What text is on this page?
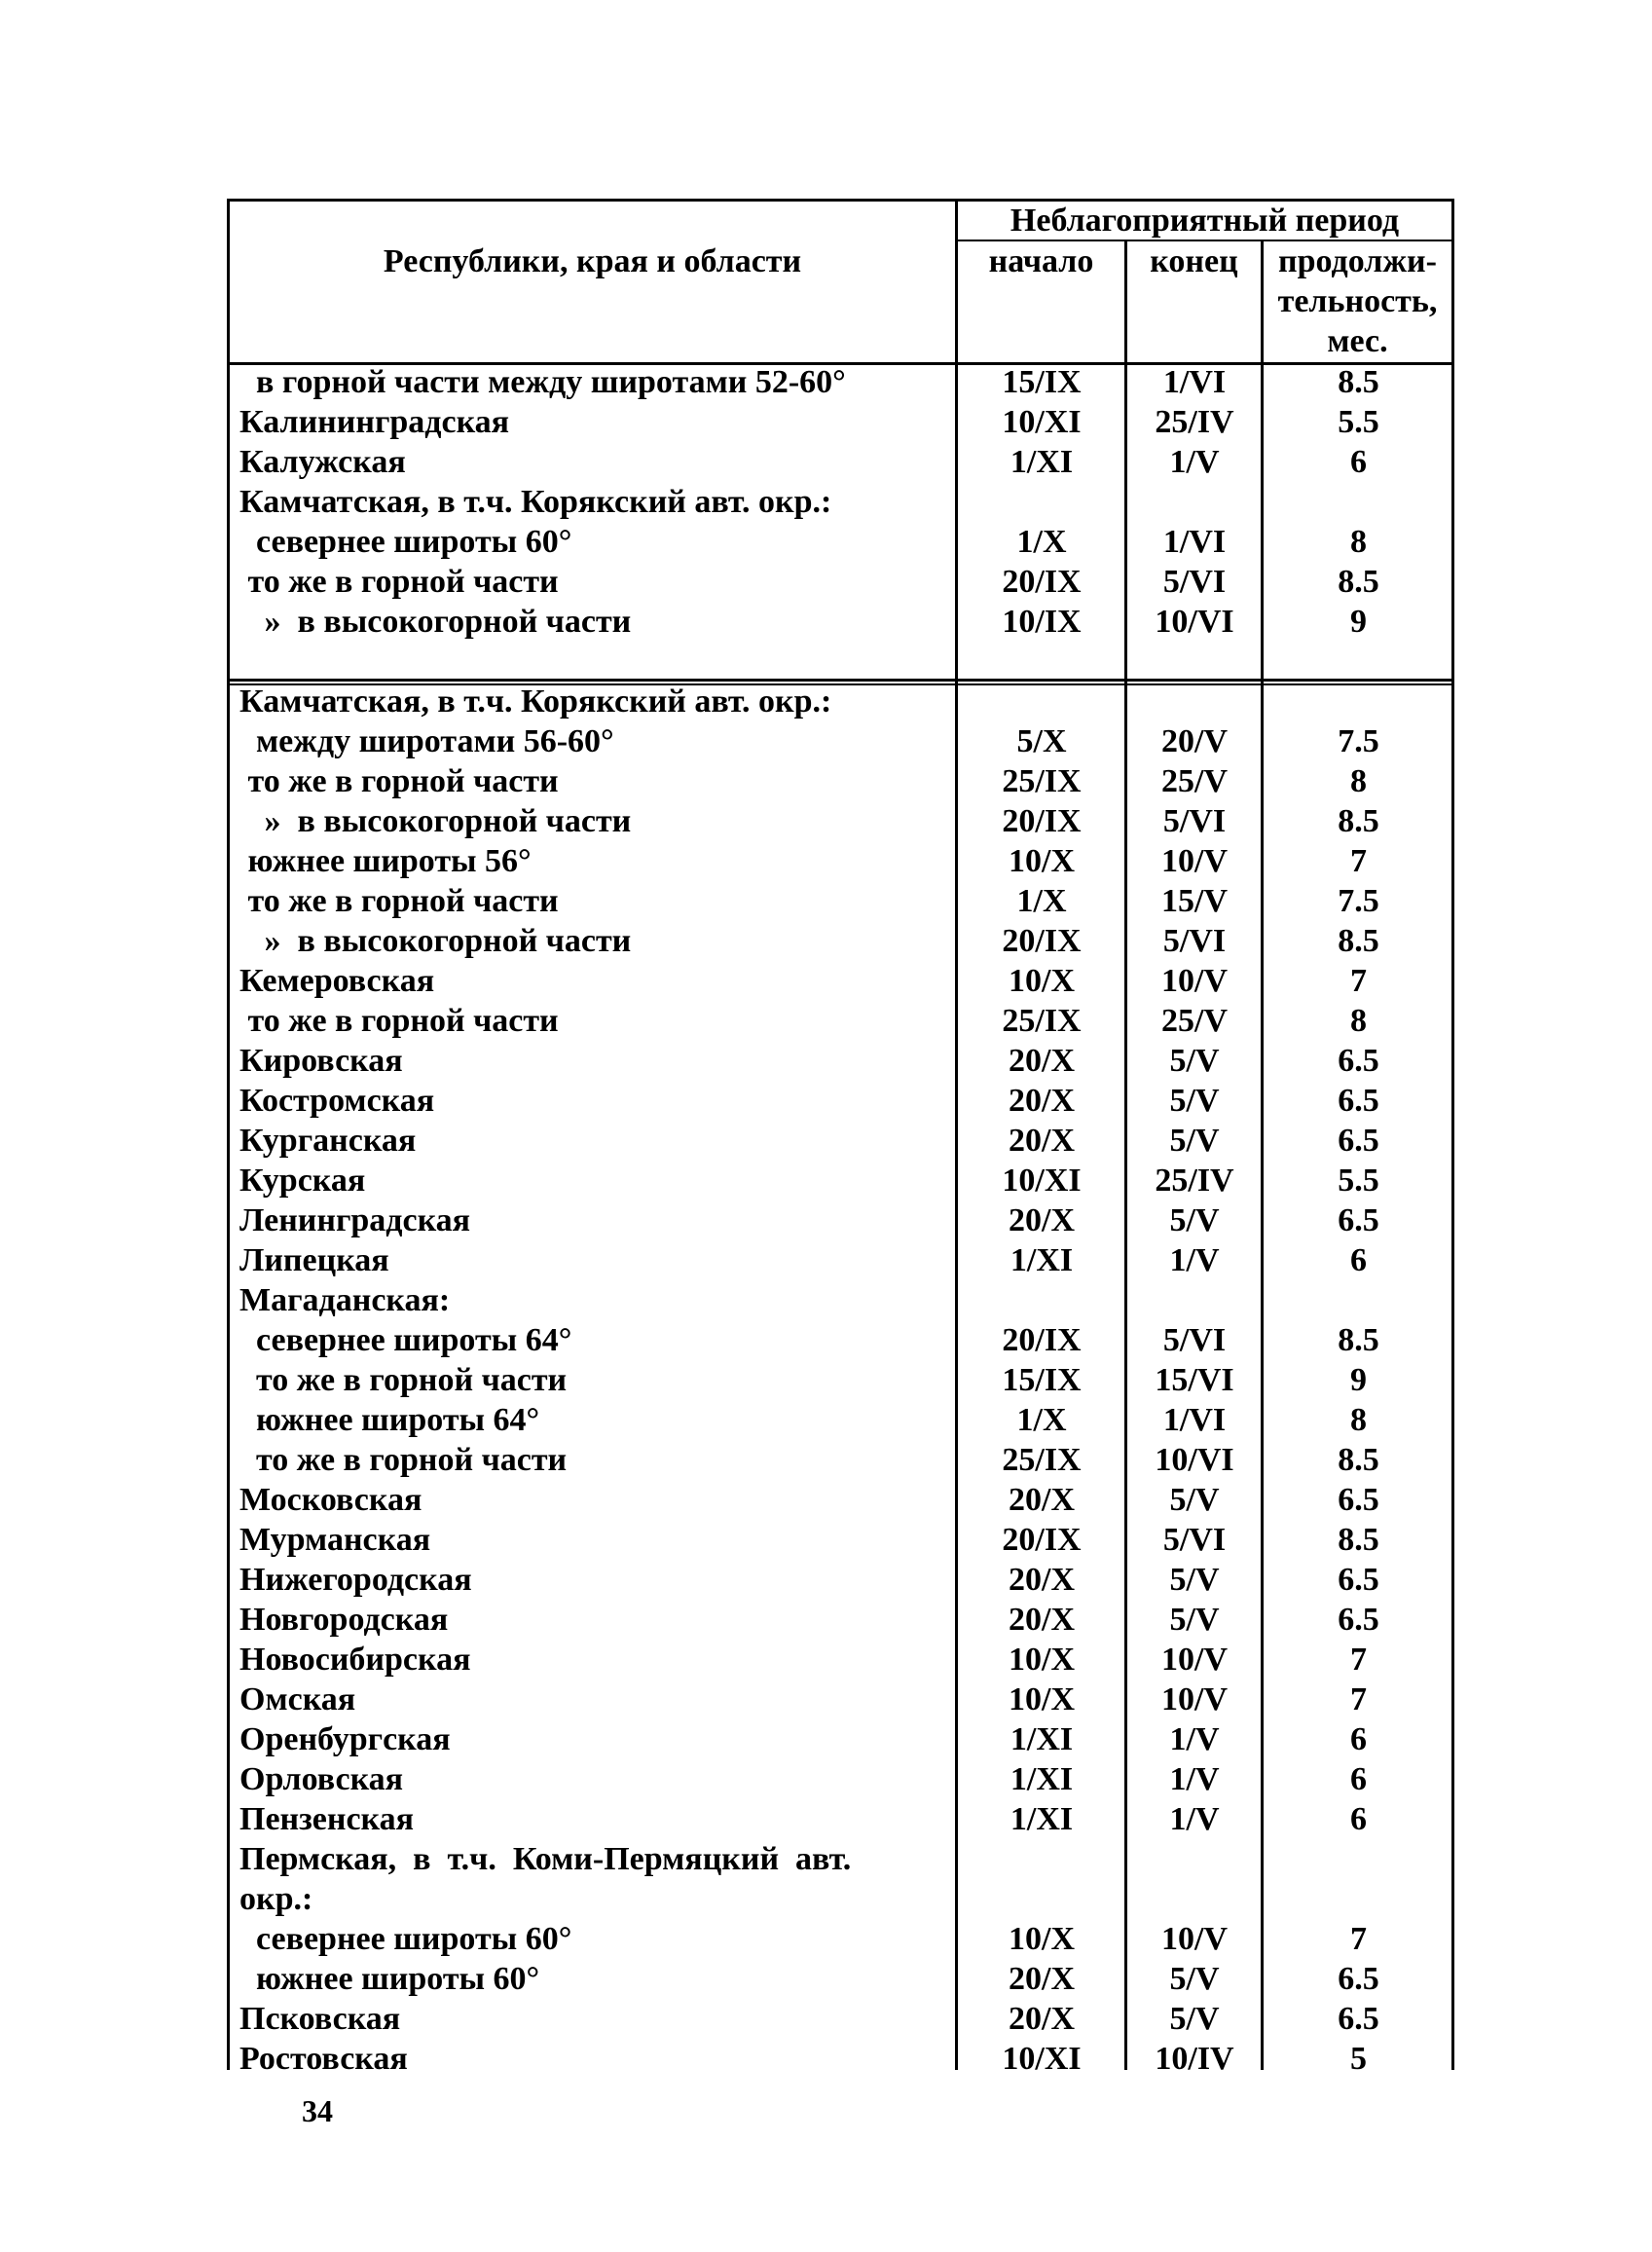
Республики, края и области
Неблагоприятный период
начало	конец	продолжи-
тельность,
мес.
в горной части между широтами 52-60°	15/IX	1/VI	8.5
Калининградская	10/XI	25/IV	5.5
Калужская	1/XI	1/V	6
Камчатская, в т.ч. Корякский авт. окр.:
севернее широты 60°	1/X	1/VI	8
то же в горной части	20/IX	5/VI	8.5
»  в высокогорной части	10/IX	10/VI	9
Камчатская, в т.ч. Корякский авт. окр.:
между широтами 56-60°	5/X	20/V	7.5
то же в горной части	25/IX	25/V	8
»  в высокогорной части	20/IX	5/VI	8.5
южнее широты 56°	10/X	10/V	7
то же в горной части	1/X	15/V	7.5
»  в высокогорной части	20/IX	5/VI	8.5
Кемеровская	10/X	10/V	7
то же в горной части	25/IX	25/V	8
Кировская	20/X	5/V	6.5
Костромская	20/X	5/V	6.5
Курганская	20/X	5/V	6.5
Курская	10/XI	25/IV	5.5
Ленинградская	20/X	5/V	6.5
Липецкая	1/XI	1/V	6
Магаданская:
севернее широты 64°	20/IX	5/VI	8.5
то же в горной части	15/IX	15/VI	9
южнее широты 64°	1/X	1/VI	8
то же в горной части	25/IX	10/VI	8.5
Московская	20/X	5/V	6.5
Мурманская	20/IX	5/VI	8.5
Нижегородская	20/X	5/V	6.5
Новгородская	20/X	5/V	6.5
Новосибирская	10/X	10/V	7
Омская	10/X	10/V	7
Оренбургская	1/XI	1/V	6
Орловская	1/XI	1/V	6
Пензенская	1/XI	1/V	6
Пермская,  в  т.ч.  Коми-Пермяцкий  авт.
окр.:
севернее широты 60°	10/X	10/V	7
южнее широты 60°	20/X	5/V	6.5
Псковская	20/X	5/V	6.5
Ростовская	10/XI	10/IV	5
34
